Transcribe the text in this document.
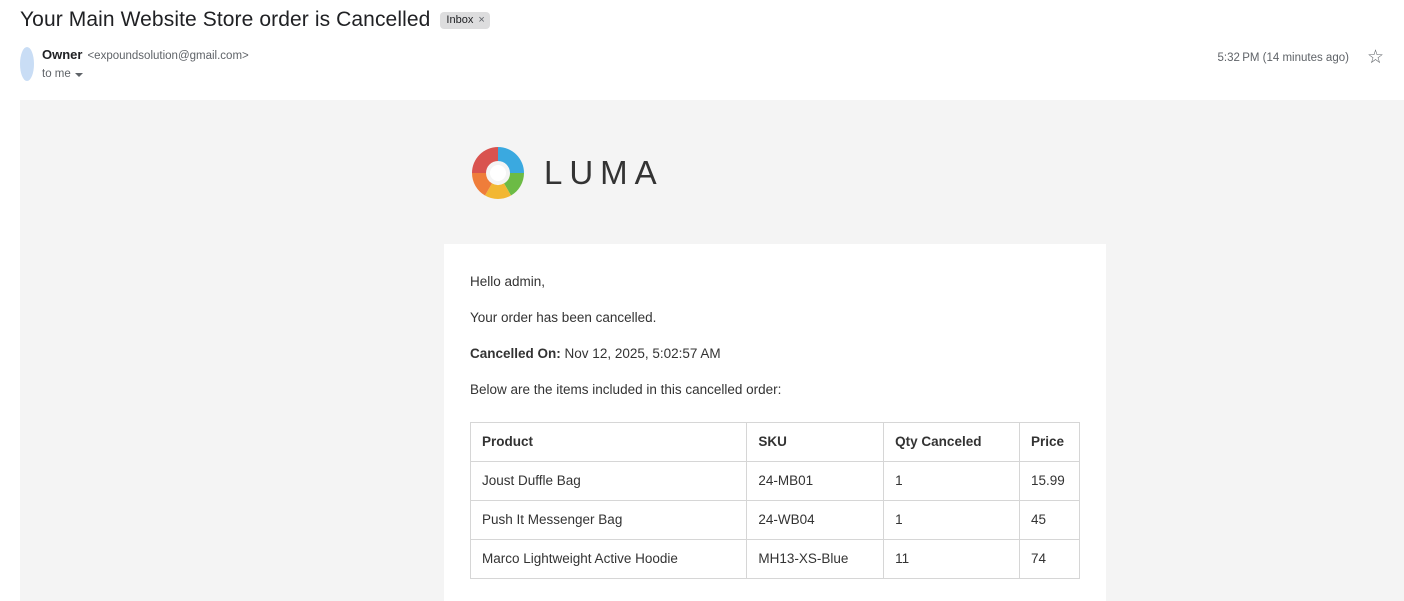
Your Main Website Store order is Cancelled Inbox ×
Owner <expoundsolution@gmail.com>
to me
5:32 PM (14 minutes ago) ☆
LUMA

Hello admin,

Your order has been cancelled.

Cancelled On: Nov 12, 2025, 5:02:57 AM

Below are the items included in this cancelled order:

Product	SKU	Qty Canceled	Price
Joust Duffle Bag	24-MB01	1	15.99
Push It Messenger Bag	24-WB04	1	45
Marco Lightweight Active Hoodie	MH13-XS-Blue	11	74
